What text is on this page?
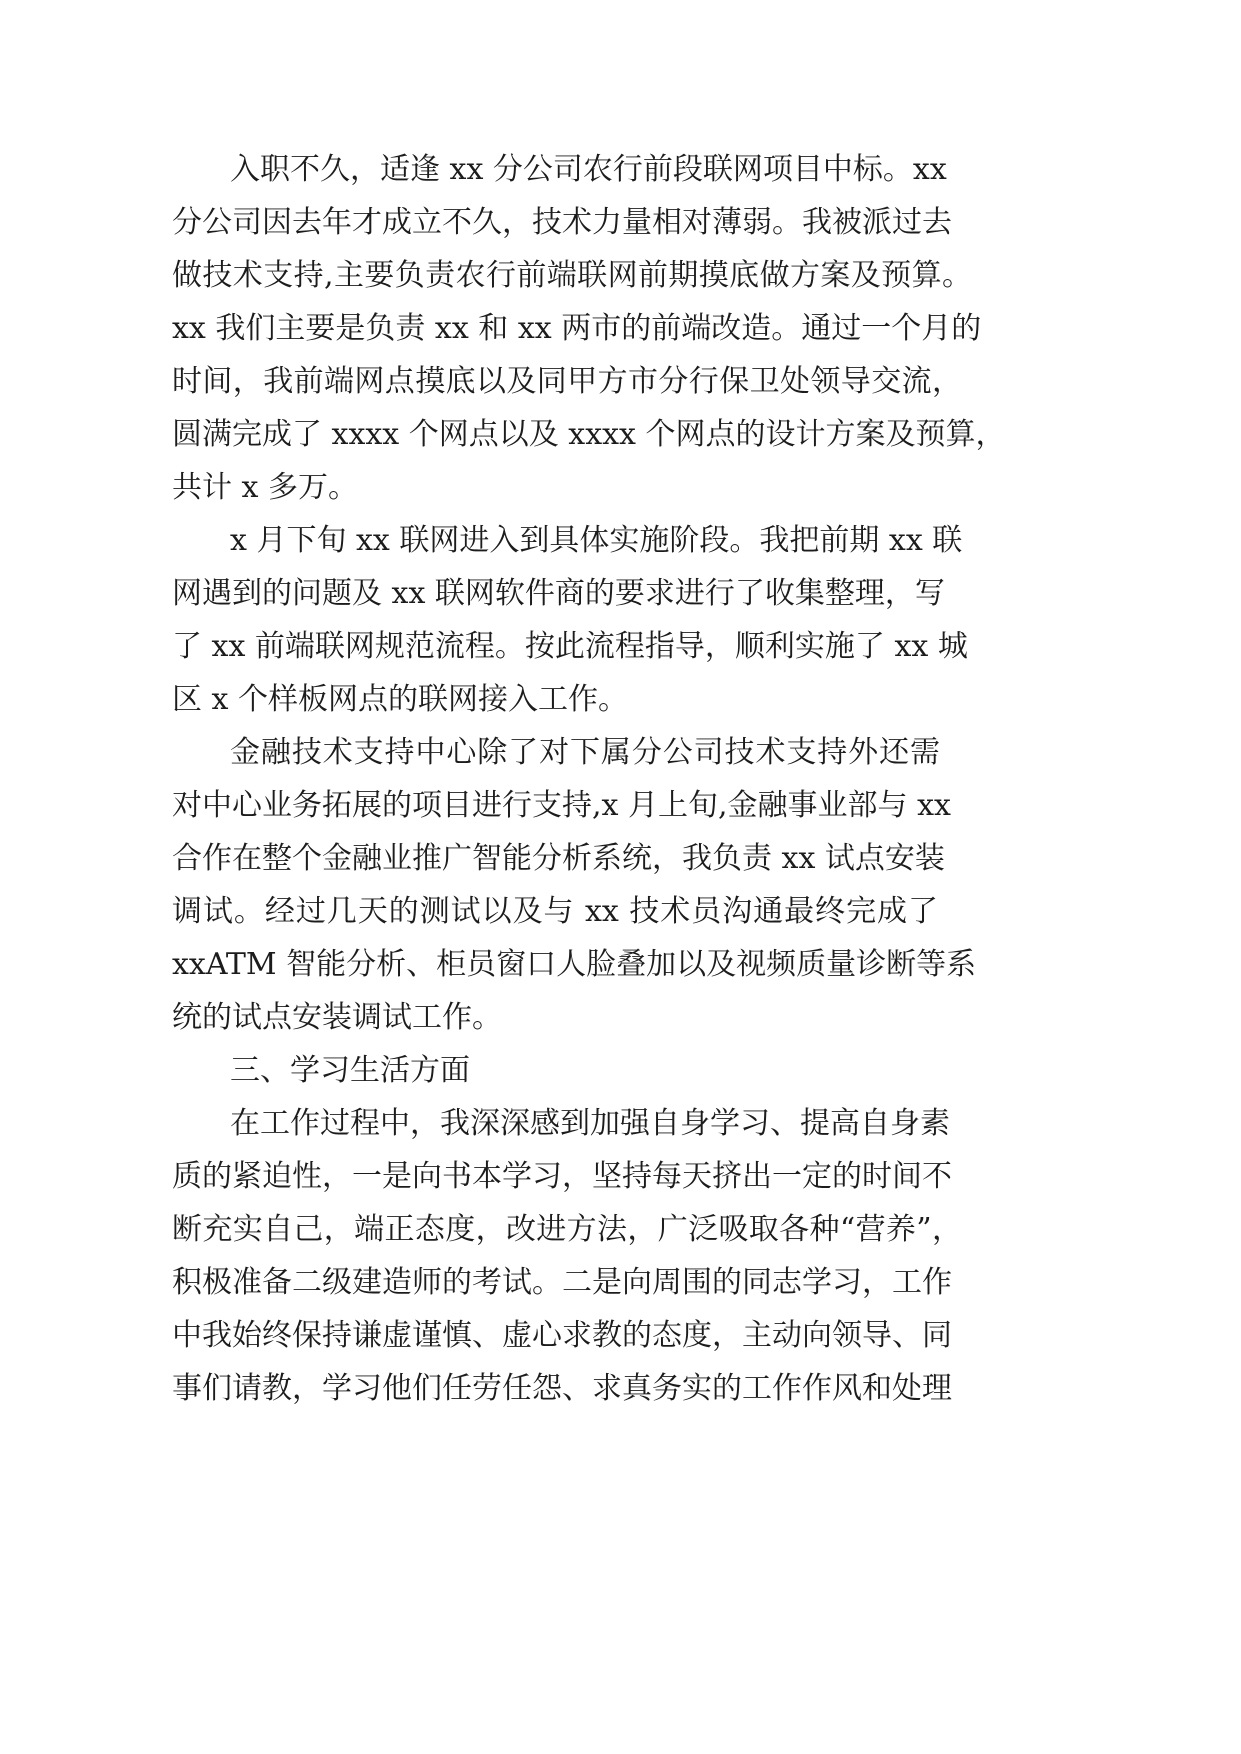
入职不久，适逢 xx 分公司农行前段联网项目中标。xx

分公司因去年才成立不久，技术力量相对薄弱。我被派过去

做技术支持,主要负责农行前端联网前期摸底做方案及预算。

xx 我们主要是负责 xx 和 xx 两市的前端改造。通过一个月的

时间，我前端网点摸底以及同甲方市分行保卫处领导交流，

圆满完成了 xxxx 个网点以及 xxxx 个网点的设计方案及预算，

共计 x 多万。

x 月下旬 xx 联网进入到具体实施阶段。我把前期 xx 联

网遇到的问题及 xx 联网软件商的要求进行了收集整理，写

了 xx 前端联网规范流程。按此流程指导，顺利实施了 xx 城

区 x 个样板网点的联网接入工作。

金融技术支持中心除了对下属分公司技术支持外还需

对中心业务拓展的项目进行支持,x 月上旬,金融事业部与 xx

合作在整个金融业推广智能分析系统，我负责 xx 试点安装

调试。经过几天的测试以及与 xx 技术员沟通最终完成了

xxATM 智能分析、柜员窗口人脸叠加以及视频质量诊断等系

统的试点安装调试工作。

三、学习生活方面

在工作过程中，我深深感到加强自身学习、提高自身素

质的紧迫性，一是向书本学习，坚持每天挤出一定的时间不

断充实自己，端正态度，改进方法，广泛吸取各种“营养”，

积极准备二级建造师的考试。二是向周围的同志学习，工作

中我始终保持谦虚谨慎、虚心求教的态度，主动向领导、同

事们请教，学习他们任劳任怨、求真务实的工作作风和处理
